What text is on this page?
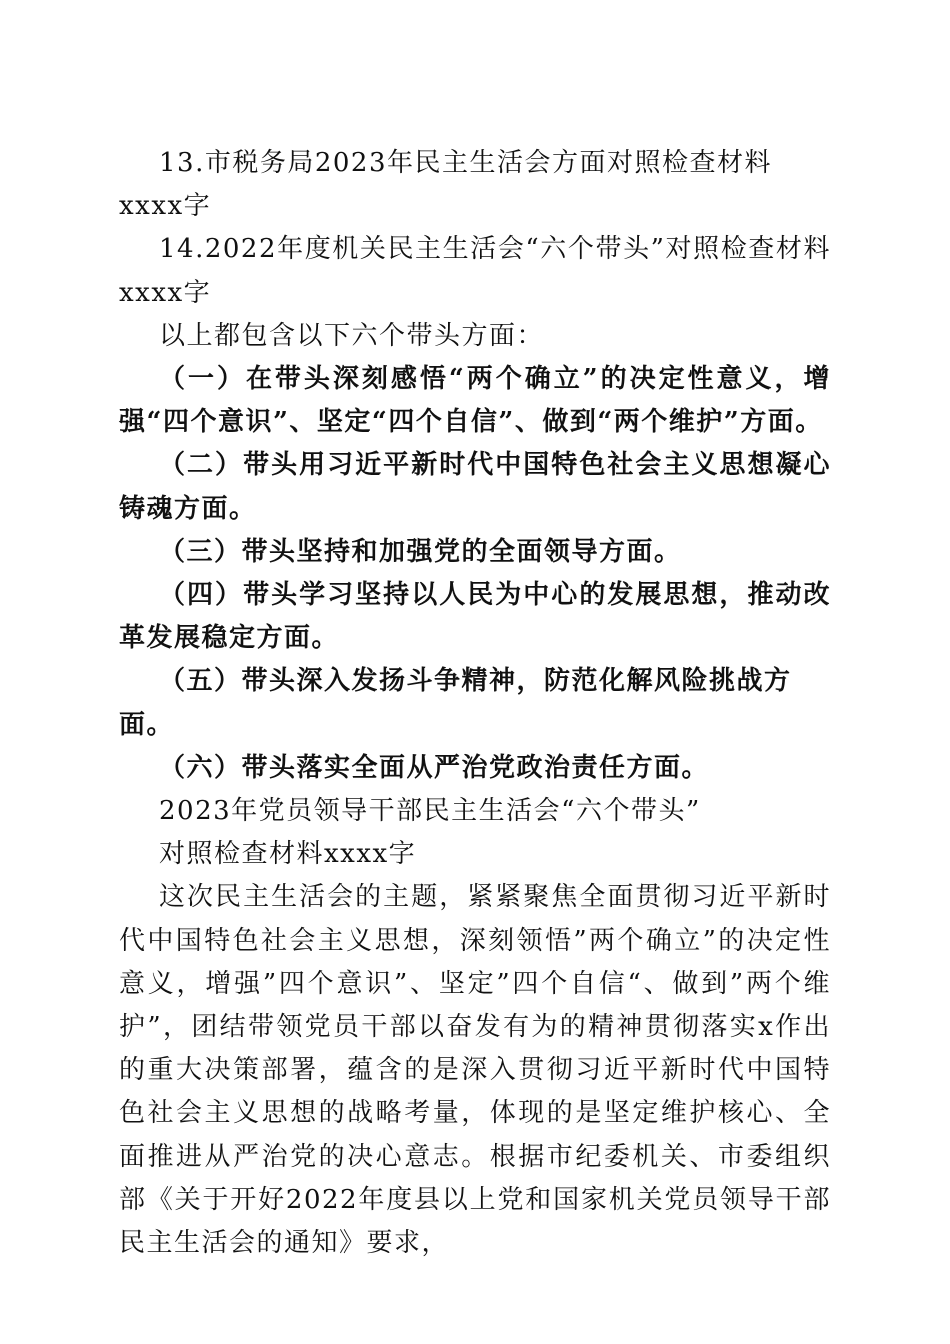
13.市税务局2023年民主生活会方面对照检查材料xxxx字

14.2022年度机关民主生活会“六个带头”对照检查材料xxxx字

以上都包含以下六个带头方面：

（一）在带头深刻感悟“两个确立”的决定性意义，增强“四个意识”、坚定“四个自信”、做到“两个维护”方面。

（二）带头用习近平新时代中国特色社会主义思想凝心铸魂方面。

（三）带头坚持和加强党的全面领导方面。

（四）带头学习坚持以人民为中心的发展思想，推动改革发展稳定方面。

（五）带头深入发扬斗争精神，防范化解风险挑战方面。

（六）带头落实全面从严治党政治责任方面。

2023年党员领导干部民主生活会“六个带头”

对照检查材料xxxx字

这次民主生活会的主题，紧紧聚焦全面贯彻习近平新时代中国特色社会主义思想，深刻领悟”两个确立”的决定性意义，增强”四个意识”、坚定”四个自信“、做到”两个维护”，团结带领党员干部以奋发有为的精神贯彻落实x作出的重大决策部署，蕴含的是深入贯彻习近平新时代中国特色社会主义思想的战略考量，体现的是坚定维护核心、全面推进从严治党的决心意志。根据市纪委机关、市委组织部《关于开好2022年度县以上党和国家机关党员领导干部民主生活会的通知》要求，
